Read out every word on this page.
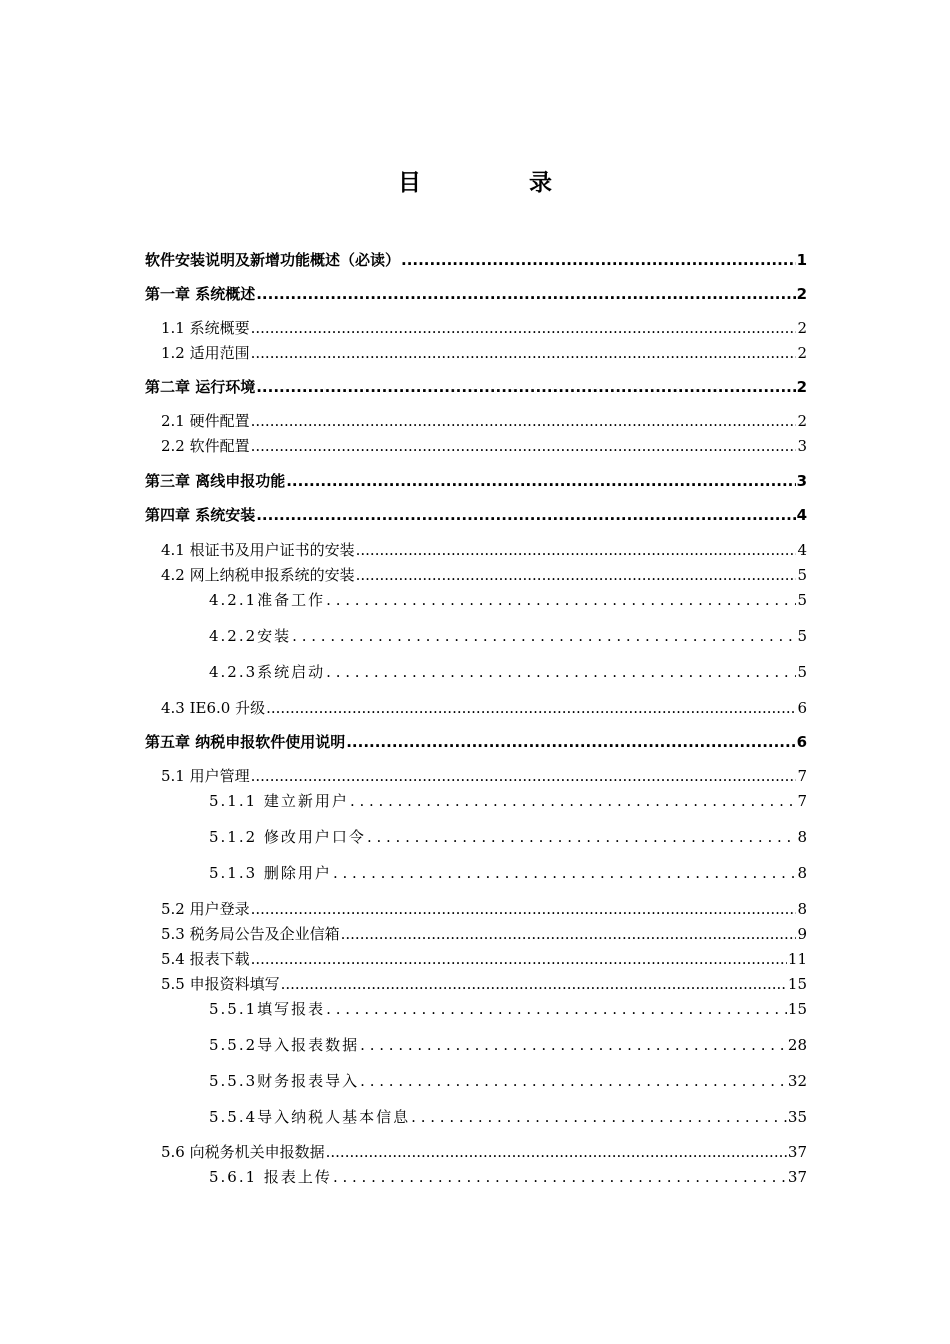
目 录
软件安装说明及新增功能概述（必读） .....	1
第一章 系统概述 .....	2
1.1 系统概要 .....	2
1.2 适用范围 .....	2
第二章 运行环境 .....	2
2.1 硬件配置 .....	2
2.2 软件配置 .....	3
第三章 离线申报功能 .....	3
第四章 系统安装 .....	4
4.1 根证书及用户证书的安装 .....	4
4.2 网上纳税申报系统的安装 .....	5
4.2.1准备工作 . . .	5
4.2.2安装 . . .	5
4.2.3系统启动 . . .	5
4.3 IE6.0 升级 .....	6
第五章 纳税申报软件使用说明 .....	6
5.1 用户管理 .....	7
5.1.1 建立新用户 . . .	7
5.1.2 修改用户口令 . . .	8
5.1.3 删除用户 . . .	8
5.2 用户登录 .....	8
5.3 税务局公告及企业信箱 .....	9
5.4 报表下载 .....	11
5.5 申报资料填写 .....	15
5.5.1填写报表 . . .	15
5.5.2导入报表数据 . . .	28
5.5.3财务报表导入 . . .	32
5.5.4导入纳税人基本信息 . . .	35
5.6 向税务机关申报数据 .....	37
5.6.1 报表上传 . . .	37
